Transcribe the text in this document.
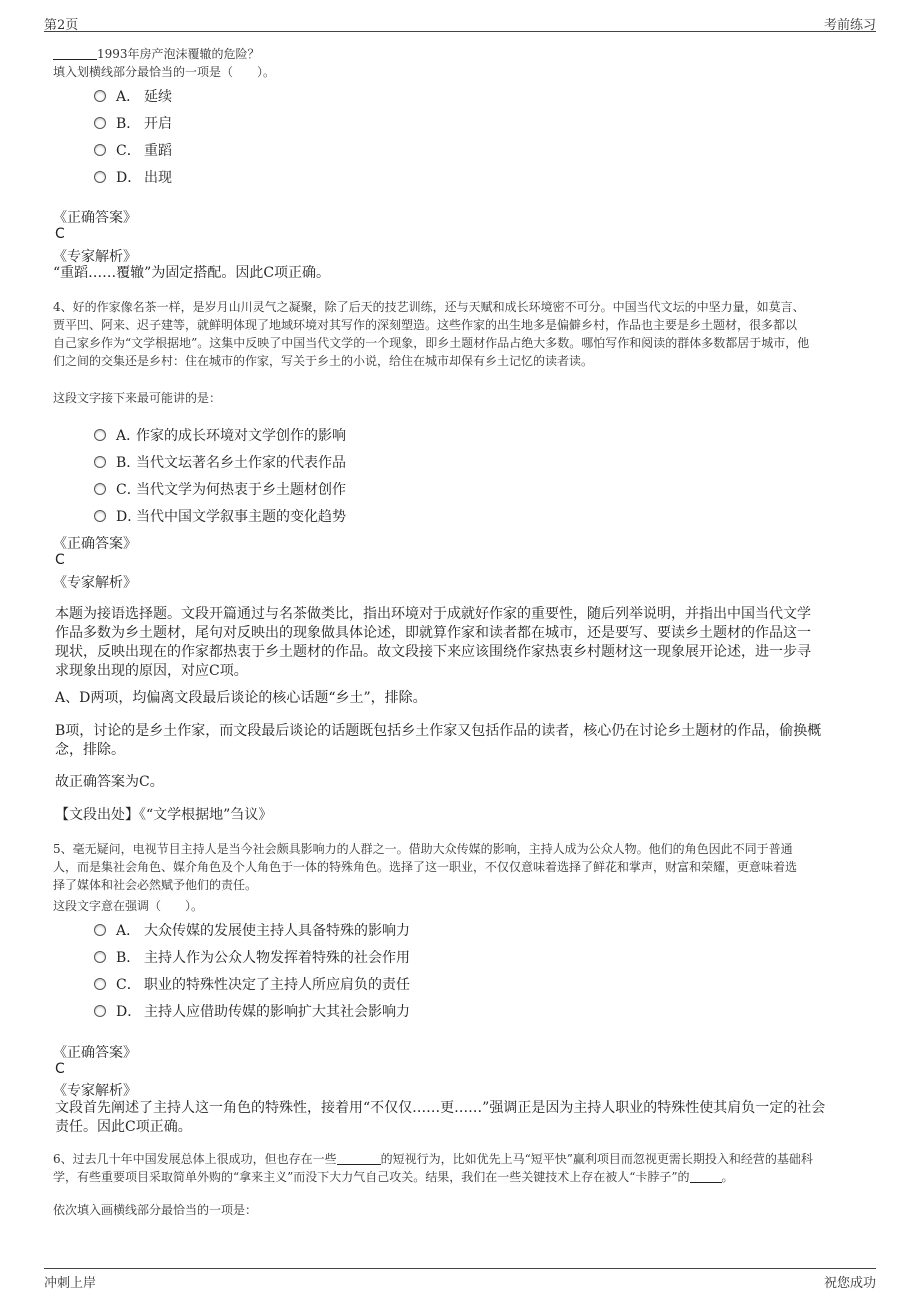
第2页	考前练习
1993年房产泡沫覆辙的危险？
填入划横线部分最恰当的一项是（　　）。
A． 延续
B． 开启
C． 重蹈
D． 出现
《正确答案》
C
《专家解析》
“重蹈……覆辙”为固定搭配。因此C项正确。
4、好的作家像名茶一样，是岁月山川灵气之凝聚，除了后天的技艺训练，还与天赋和成长环境密不可分。中国当代文坛的中坚力量，如莫言、
贾平凹、阿来、迟子建等，就鲜明体现了地域环境对其写作的深刻塑造。这些作家的出生地多是偏僻乡村，作品也主要是乡土题材，很多都以
自己家乡作为“文学根据地”。这集中反映了中国当代文学的一个现象，即乡土题材作品占绝大多数。哪怕写作和阅读的群体多数都居于城市，他
们之间的交集还是乡村：住在城市的作家，写关于乡土的小说，给住在城市却保有乡土记忆的读者读。
这段文字接下来最可能讲的是：
A．作家的成长环境对文学创作的影响
B．当代文坛著名乡土作家的代表作品
C．当代文学为何热衷于乡土题材创作
D．当代中国文学叙事主题的变化趋势
《正确答案》
C
《专家解析》
本题为接语选择题。文段开篇通过与名茶做类比，指出环境对于成就好作家的重要性，随后列举说明，并指出中国当代文学
作品多数为乡土题材，尾句对反映出的现象做具体论述，即就算作家和读者都在城市，还是要写、要读乡土题材的作品这一
现状，反映出现在的作家都热衷于乡土题材的作品。故文段接下来应该围绕作家热衷乡村题材这一现象展开论述，进一步寻
求现象出现的原因，对应C项。
A、D两项，均偏离文段最后谈论的核心话题“乡土”，排除。
B项，讨论的是乡土作家，而文段最后谈论的话题既包括乡土作家又包括作品的读者，核心仍在讨论乡土题材的作品，偷换概
念，排除。
故正确答案为C。
【文段出处】《“文学根据地”刍议》
5、毫无疑问，电视节目主持人是当今社会颇具影响力的人群之一。借助大众传媒的影响，主持人成为公众人物。他们的角色因此不同于普通
人，而是集社会角色、媒介角色及个人角色于一体的特殊角色。选择了这一职业，不仅仅意味着选择了鲜花和掌声，财富和荣耀，更意味着选
择了媒体和社会必然赋予他们的责任。
这段文字意在强调（　　）。
A． 大众传媒的发展使主持人具备特殊的影响力
B． 主持人作为公众人物发挥着特殊的社会作用
C． 职业的特殊性决定了主持人所应肩负的责任
D． 主持人应借助传媒的影响扩大其社会影响力
《正确答案》
C
《专家解析》
文段首先阐述了主持人这一角色的特殊性，接着用“不仅仅……更……”强调正是因为主持人职业的特殊性使其肩负一定的社会
责任。因此C项正确。
6、过去几十年中国发展总体上很成功，但也存在一些	的短视行为，比如优先上马“短平快”赢利项目而忽视更需长期投入和经营的基础科
学，有些重要项目采取简单外购的“拿来主义”而没下大力气自己攻关。结果，我们在一些关键技术上存在被人“卡脖子”的	。
依次填入画横线部分最恰当的一项是：
冲刺上岸	祝您成功
